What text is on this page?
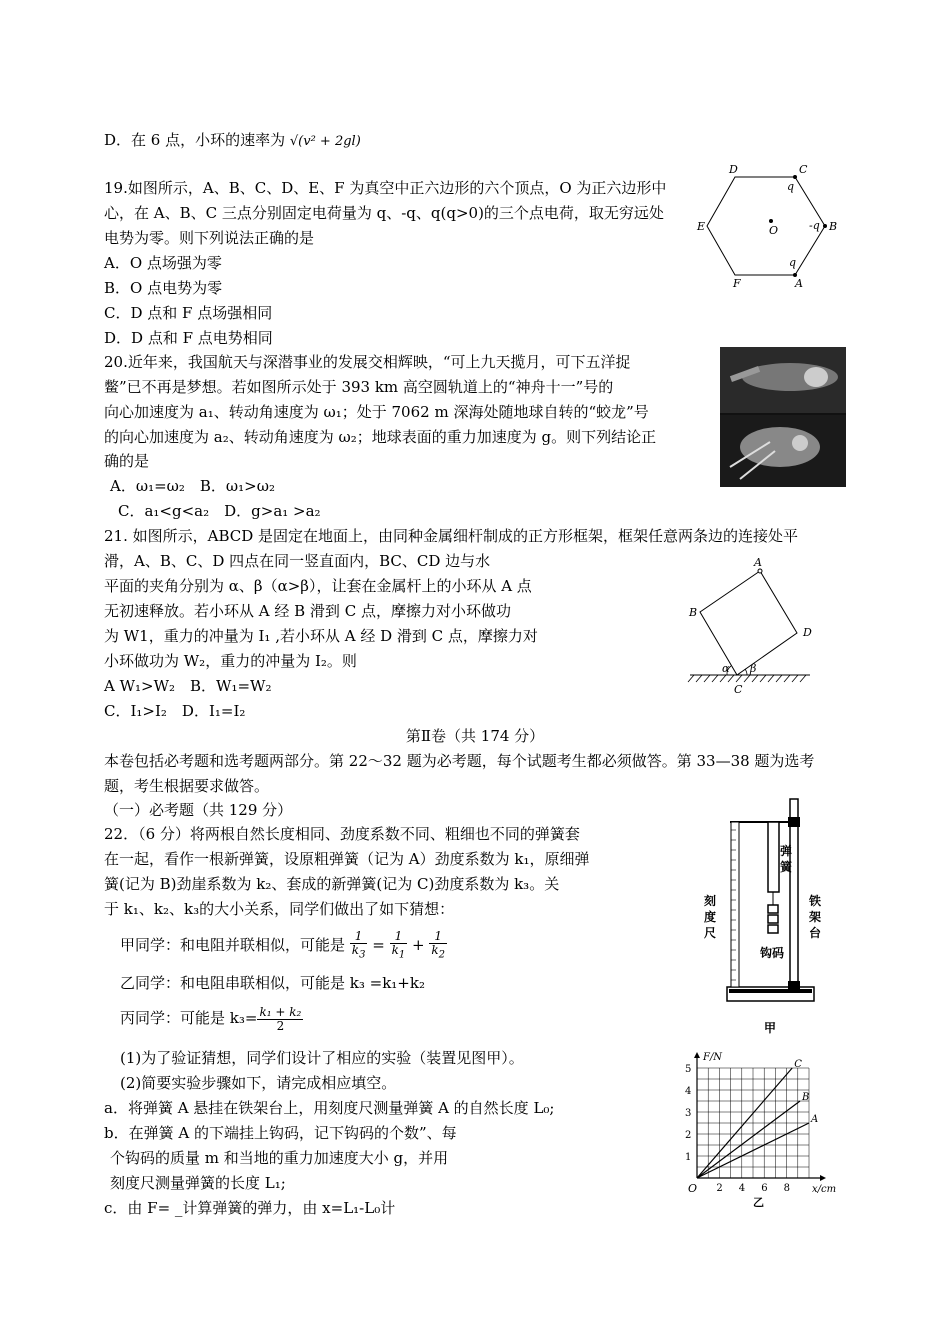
D．在 6 点，小环的速率为 √(v² + 2gl)
19.如图所示，A、B、C、D、E、F 为真空中正六边形的六个顶点，O 为正六边形中
心，在 A、B、C 三点分别固定电荷量为 q、-q、q(q>0)的三个点电荷，取无穷远处
电势为零。则下列说法正确的是
A．O 点场强为零
B．O 点电势为零
C．D 点和 F 点场强相同
D．D 点和 F 点电势相同
D	C
q
E	-q B
O
q
F	A
20.近年来，我国航天与深潜事业的发展交相辉映，“可上九天揽月，可下五洋捉
鳖”已不再是梦想。若如图所示处于 393 km 高空圆轨道上的“神舟十一”号的
向心加速度为 a₁、转动角速度为 ω₁；处于 7062 m 深海处随地球自转的“蛟龙”号
的向心加速度为 a₂、转动角速度为 ω₂；地球表面的重力加速度为 g。则下列结论正
确的是
A．ω₁=ω₂　B．ω₁>ω₂
C．a₁<g<a₂　D．g>a₁ >a₂
21. 如图所示，ABCD 是固定在地面上，由同种金属细杆制成的正方形框架，框架任意两条边的连接处平
滑，A、B、C、D 四点在同一竖直面内，BC、CD 边与水
平面的夹角分别为 α、β（α>β），让套在金属杆上的小环从 A 点
无初速释放。若小环从 A 经 B 滑到 C 点，摩擦力对小环做功
为 W1，重力的冲量为 I₁ ,若小环从 A 经 D 滑到 C 点，摩擦力对
小环做功为 W₂，重力的冲量为 I₂。则
A W₁>W₂　B．W₁=W₂
C．I₁>I₂　D．I₁=I₂
A
B
D
C
α β
第Ⅱ卷（共 174 分）
本卷包括必考题和选考题两部分。第 22～32 题为必考题，每个试题考生都必须做答。第 33—38 题为选考
题，考生根据要求做答。
（一）必考题（共 129 分）
22．（6 分）将两根自然长度相同、劲度系数不同、粗细也不同的弹簧套
在一起，看作一根新弹簧，设原粗弹簧（记为 A）劲度系数为 k₁，原细弹
簧(记为 B)劲崖系数为 k₂、套成的新弹簧(记为 C)劲度系数为 k₃。关
于 k₁、k₂、k₃的大小关系，同学们做出了如下猜想：
甲同学：和电阻并联相似，可能是 $\frac{1}{k_3} = \frac{1}{k_1} + \frac{1}{k_2}$
乙同学：和电阻串联相似，可能是 k₃ =k₁+k₂
丙同学：可能是 $k_3= \frac{\text{k₁ + k₂}}{2}$
(1)为了验证猜想，同学们设计了相应的实验（装置见图甲）。
(2)简要实验步骤如下，请完成相应填空。
a．将弹簧 A 悬挂在铁架台上，用刻度尺测量弹簧 A 的自然长度 L₀;
b．在弹簧 A 的下端挂上钩码，记下钩码的个数”、每
个钩码的质量 m 和当地的重力加速度大小 g，并用
刻度尺测量弹簧的长度 L₁;
c．由 F= _计算弹簧的弹力，由 x=L₁-L₀计
刻
度
尺
铁
架
台
弹
簧
钩码
甲
C
B
A
2 4 6 8
1
2
3
4
5
F/N
x/cm
O
乙
